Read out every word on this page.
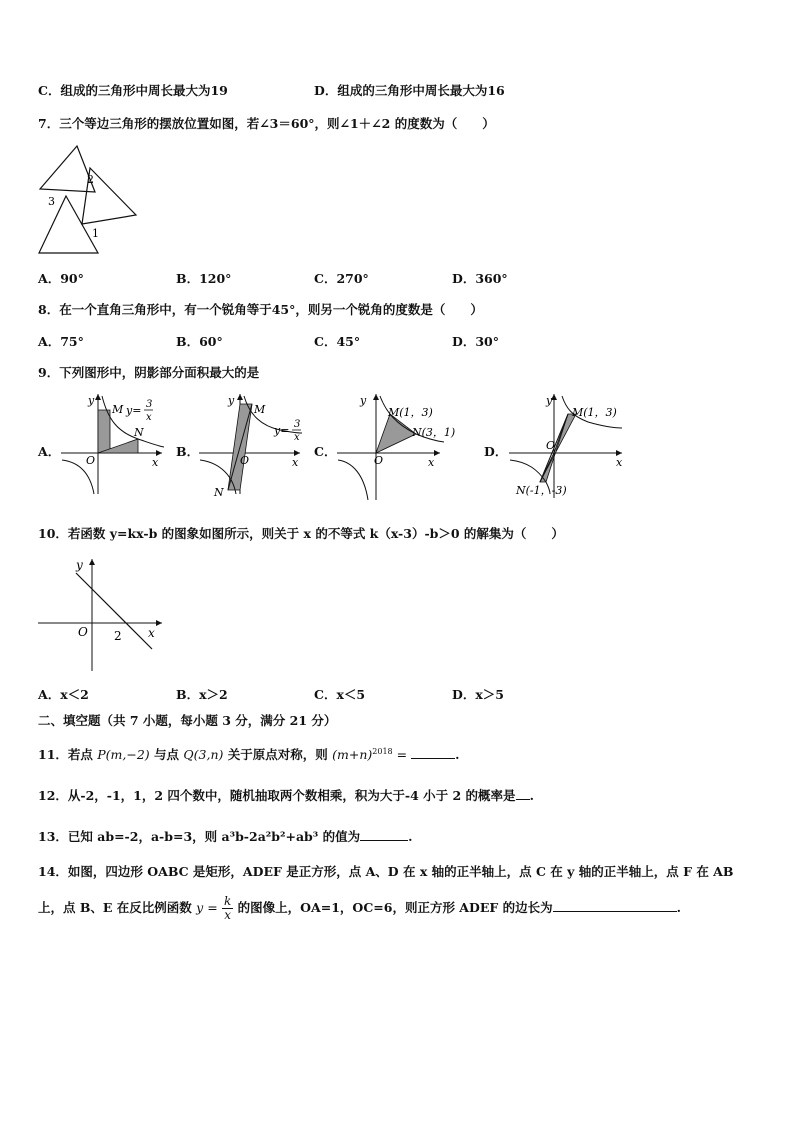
C．组成的三角形中周长最大为19	D．组成的三角形中周长最大为16
7．三个等边三角形的摆放位置如图，若∠3＝60°，则∠1＋∠2 的度数为（　　）
2
3
1
A．90°	B．120°	C．270°	D．360°
8．在一个直角三角形中，有一个锐角等于45°，则另一个锐角的度数是（　　）
A．75°	B．60°	C．45°	D．30°
9．下列图形中，阴影部分面积最大的是
A．
y
M y= 3
x
N
O	x
B．
y
M
y= 3
x
O	x
N
C．
y
M(1，3)
N(3，1)
O	x
D．
y
M(1，3)
O
x
N(-1，-3)
10．若函数 y=kx-b 的图象如图所示，则关于 x 的不等式 k（x-3）-b＞0 的解集为（　　）
y
O 2 x
A．x＜2	B．x＞2	C．x＜5	D．x＞5
二、填空题（共 7 小题，每小题 3 分，满分 21 分）
11．若点 P(m,−2) 与点 Q(3,n) 关于原点对称，则 $(m+n)^{2018}$ =	.
12．从-2，-1，1，2 四个数中，随机抽取两个数相乘，积为大于-4 小于 2 的概率是 .
13．已知 ab=-2，a-b=3，则 a³b-2a²b²+ab³ 的值为	.
14．如图，四边形 OABC 是矩形，ADEF 是正方形，点 A、D 在 x 轴的正半轴上，点 C 在 y 轴的正半轴上，点 F 在 AB
上，点 B、E 在反比例函数 $y = \frac{k}{x}$ 的图像上，OA=1，OC=6，则正方形 ADEF 的边长为	.
